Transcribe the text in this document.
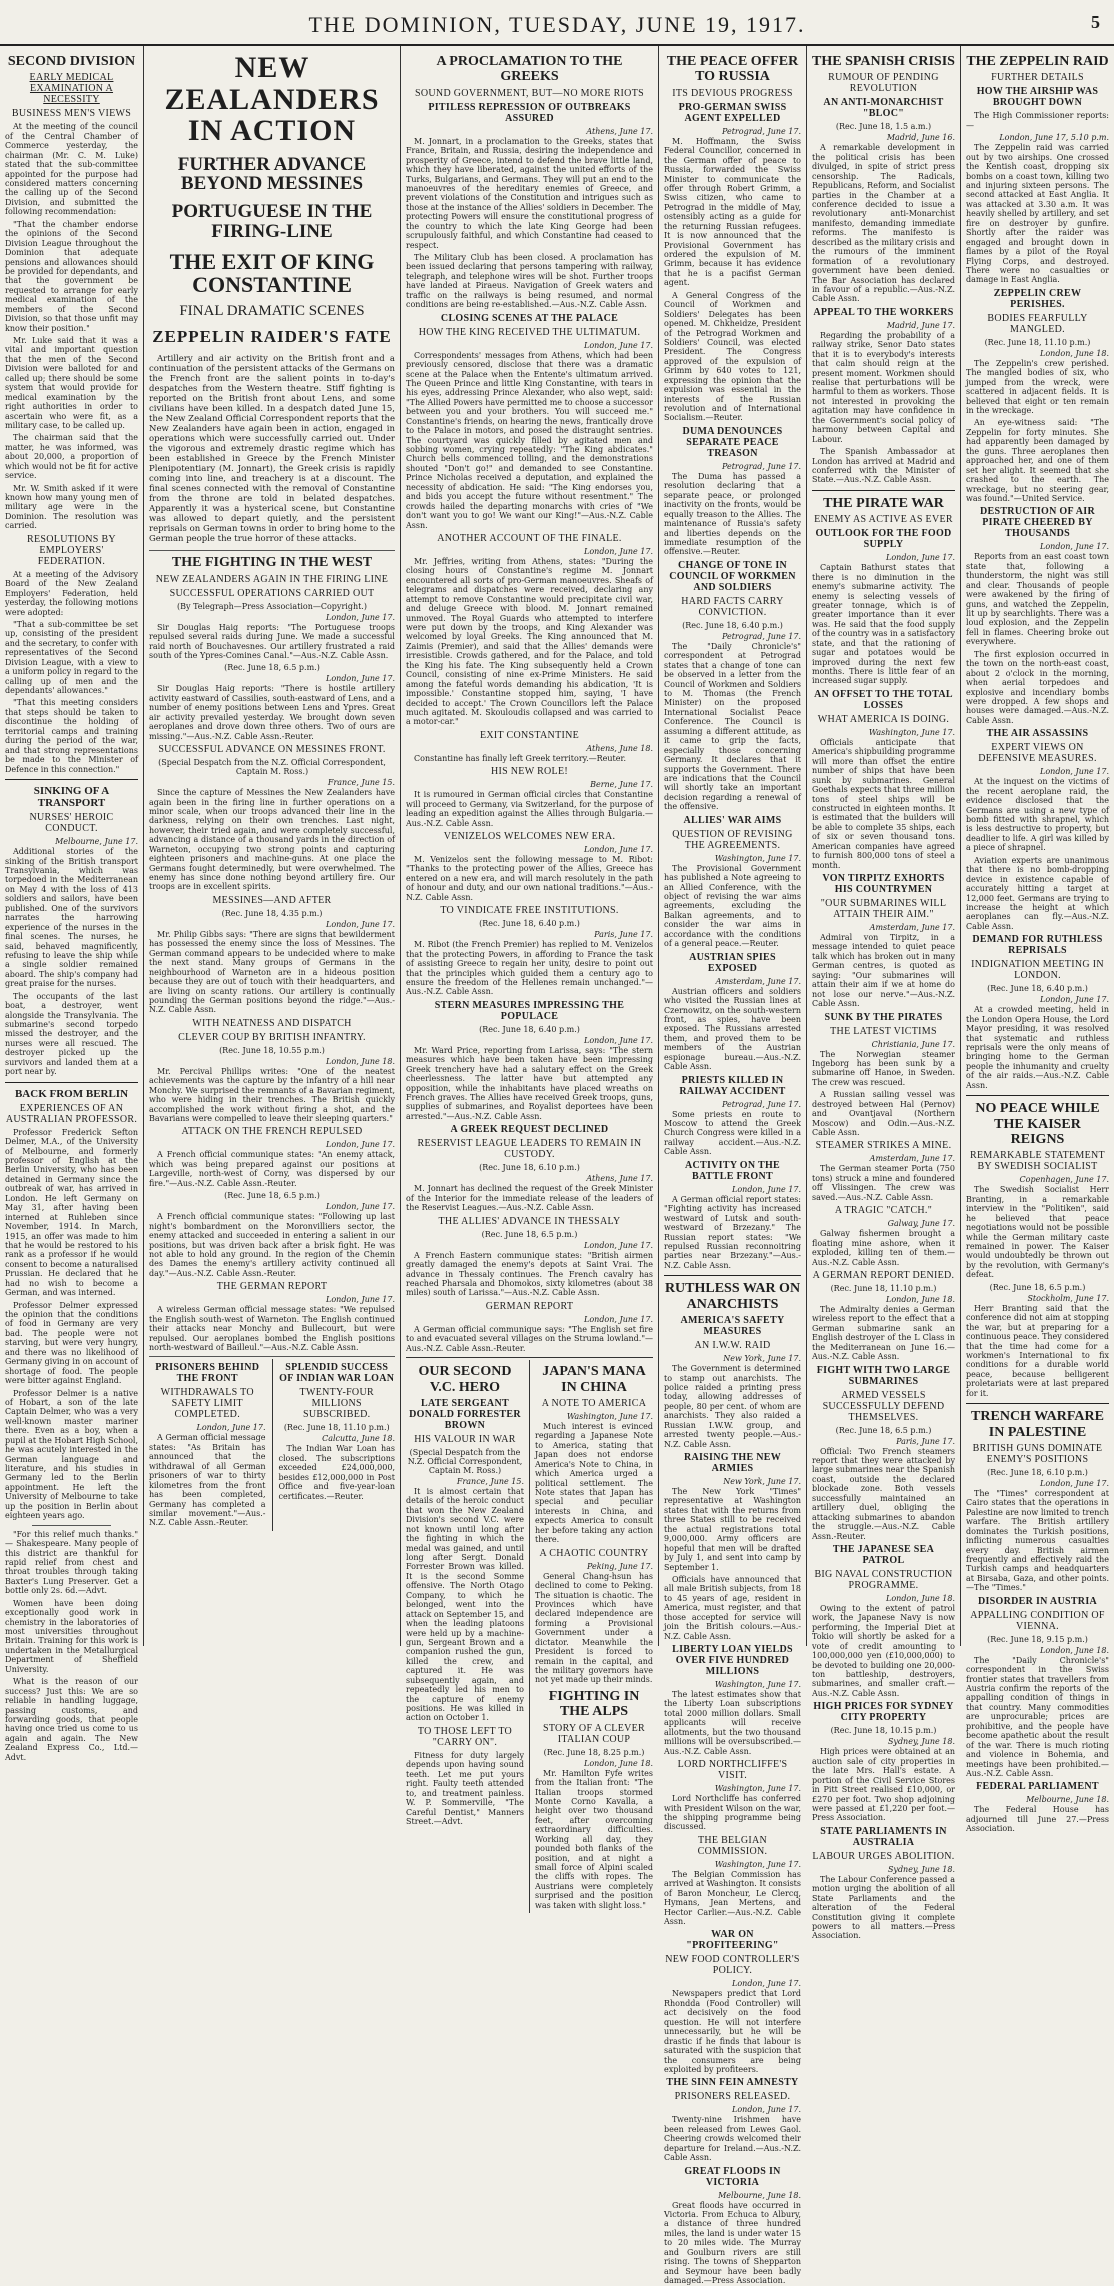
THE DOMINION, TUESDAY, JUNE 19, 1917.	5
SECOND DIVISION
EARLY MEDICAL EXAMINATION A NECESSITY
BUSINESS MEN'S VIEWS

At the meeting of the council of the Central Chamber of Commerce yesterday, the chairman (Mr. C. M. Luke) stated that the sub-committee appointed for the purpose had considered matters concerning the calling up of the Second Division, and submitted the following recommendation:

"That the chamber endorse the opinions of the Second Division League throughout the Dominion that adequate pensions and allowances should be provided for dependants, and that the government be requested to arrange for early medical examination of the members of the Second Division, so that those unfit may know their position."

Mr. Luke said that it was a vital and important question that the men of the Second Division were balloted for and called up; there should be some system that would provide for medical examination by the right authorities in order to ascertain who were fit, as a military case, to be called up.

The chairman said that the matter, he was informed, was about 20,000, a proportion of which would not be fit for active service.

Mr. W. Smith asked if it were known how many young men of military age were in the Dominion. The resolution was carried.

RESOLUTIONS BY EMPLOYERS' FEDERATION.

At a meeting of the Advisory Board of the New Zealand Employers' Federation, held yesterday, the following motions were adopted:

"That a sub-committee be set up, consisting of the president and the secretary, to confer with representatives of the Second Division League, with a view to a uniform policy in regard to the calling up of men and the dependants' allowances."

"That this meeting considers that steps should be taken to discontinue the holding of territorial camps and training during the period of the war, and that strong representations be made to the Minister of Defence in this connection."

SINKING OF A TRANSPORT
NURSES' HEROIC CONDUCT.
Melbourne, June 17.

Additional stories of the sinking of the British transport Transylvania, which was torpedoed in the Mediterranean on May 4 with the loss of 413 soldiers and sailors, have been published. One of the survivors narrates the harrowing experience of the nurses in the final scenes. The nurses, he said, behaved magnificently, refusing to leave the ship while a single soldier remained aboard. The ship's company had great praise for the nurses.

The occupants of the last boat, a destroyer, went alongside the Transylvania. The submarine's second torpedo missed the destroyer, and the nurses were all rescued. The destroyer picked up the survivors and landed them at a port near by.

BACK FROM BERLIN
EXPERIENCES OF AN AUSTRALIAN PROFESSOR.

Professor Frederick Sefton Delmer, M.A., of the University of Melbourne, and formerly professor of English at the Berlin University, who has been detained in Germany since the outbreak of war, has arrived in London. He left Germany on May 31, after having been interned at Ruhleben since November, 1914. In March, 1915, an offer was made to him that he would be restored to his rank as a professor if he would consent to become a naturalised Prussian. He declared that he had no wish to become a German, and was interned.

Professor Delmer expressed the opinion that the conditions of food in Germany are very bad. The people were not starving, but were very hungry, and there was no likelihood of Germany giving in on account of shortage of food. The people were bitter against England.

Professor Delmer is a native of Hobart, a son of the late Captain Delmer, who was a very well-known master mariner there. Even as a boy, when a pupil at the Hobart High School, he was acutely interested in the German language and literature, and his studies in Germany led to the Berlin appointment. He left the University of Melbourne to take up the position in Berlin about eighteen years ago.

"For this relief much thanks." — Shakespeare. Many people of this district are thankful for rapid relief from chest and throat troubles through taking Baxter's Lung Preserver. Get a bottle only 2s. 6d.—Advt.

Women have been doing exceptionally good work in chemistry in the laboratories of most universities throughout Britain. Training for this work is undertaken in the Metallurgical Department of Sheffield University.

What is the reason of our success? Just this: We are so reliable in handling luggage, passing customs, and forwarding goods, that people having once tried us come to us again and again. The New Zealand Express Co., Ltd.—Advt.

NEW ZEALANDERS IN ACTION
FURTHER ADVANCE BEYOND MESSINES
PORTUGUESE IN THE FIRING-LINE
THE EXIT OF KING CONSTANTINE
FINAL DRAMATIC SCENES
ZEPPELIN RAIDER'S FATE

Artillery and air activity on the British front and a continuation of the persistent attacks of the Germans on the French front are the salient points in to-day's despatches from the Western theatre. Stiff fighting is reported on the British front about Lens, and some civilians have been killed. In a despatch dated June 15, the New Zealand Official Correspondent reports that the New Zealanders have again been in action, engaged in operations which were successfully carried out. Under the vigorous and extremely drastic regime which has been established in Greece by the French Minister Plenipotentiary (M. Jonnart), the Greek crisis is rapidly coming into line, and treachery is at a discount. The final scenes connected with the removal of Constantine from the throne are told in belated despatches. Apparently it was a hysterical scene, but Constantine was allowed to depart quietly, and the persistent reprisals on German towns in order to bring home to the German people the true horror of these attacks.

THE FIGHTING IN THE WEST
NEW ZEALANDERS AGAIN IN THE FIRING LINE
SUCCESSFUL OPERATIONS CARRIED OUT
(By Telegraph—Press Association—Copyright.)
London, June 17.

Sir Douglas Haig reports: "The Portuguese troops repulsed several raids during June. We made a successful raid north of Bouchavesnes. Our artillery frustrated a raid south of the Ypres-Comines Canal."—Aus.-N.Z. Cable Assn.

(Rec. June 18, 6.5 p.m.)
London, June 17.

Sir Douglas Haig reports: "There is hostile artillery activity eastward of Cassilies, south-eastward of Lens, and a number of enemy positions between Lens and Ypres. Great air activity prevailed yesterday. We brought down seven aeroplanes and drove down three others. Two of ours are missing."—Aus.-N.Z. Cable Assn.-Reuter.

SUCCESSFUL ADVANCE ON MESSINES FRONT.
(Special Despatch from the N.Z. Official Correspondent, Captain M. Ross.)
France, June 15.

Since the capture of Messines the New Zealanders have again been in the firing line in further operations on a minor scale, when our troops advanced their line in the darkness, relying on their own trenches. Last night, however, their tried again, and were completely successful, advancing a distance of a thousand yards in the direction of Warneton, occupying two strong points and capturing eighteen prisoners and machine-guns. At one place the Germans fought determinedly, but were overwhelmed. The enemy has since done nothing beyond artillery fire. Our troops are in excellent spirits.

MESSINES—AND AFTER
(Rec. June 18, 4.35 p.m.)
London, June 17.

Mr. Philip Gibbs says: "There are signs that bewilderment has possessed the enemy since the loss of Messines. The German command appears to be undecided where to make the next stand. Many groups of Germans in the neighbourhood of Warneton are in a hideous position because they are out of touch with their headquarters, and are living on scanty rations. Our artillery is continually pounding the German positions beyond the ridge."—Aus.-N.Z. Cable Assn.

WITH NEATNESS AND DISPATCH
CLEVER COUP BY BRITISH INFANTRY.
(Rec. June 18, 10.55 p.m.)
London, June 18.

Mr. Percival Phillips writes: "One of the neatest achievements was the capture by the infantry of a hill near Monchy. We surprised the remnants of a Bavarian regiment, who were hiding in their trenches. The British quickly accomplished the work without firing a shot, and the Bavarians were compelled to leave their sleeping quarters."

ATTACK ON THE FRENCH REPULSED
London, June 17.

A French official communique states: "An enemy attack, which was being prepared against our positions at Largeville, north-west of Corny, was dispersed by our fire."—Aus.-N.Z. Cable Assn.-Reuter.

(Rec. June 18, 6.5 p.m.)
London, June 17.

A French official communique states: "Following up last night's bombardment on the Moronvilliers sector, the enemy attacked and succeeded in entering a salient in our positions, but was driven back after a brisk fight. He was not able to hold any ground. In the region of the Chemin des Dames the enemy's artillery activity continued all day."—Aus.-N.Z. Cable Assn.-Reuter.

THE GERMAN REPORT
London, June 17.

A wireless German official message states: "We repulsed the English south-west of Warneton. The English continued their attacks near Monchy and Bullecourt, but were repulsed. Our aeroplanes bombed the English positions north-westward of Bailleul."—Aus.-N.Z. Cable Assn.

PRISONERS BEHIND THE FRONT
WITHDRAWALS TO SAFETY LIMIT COMPLETED.
London, June 17.

A German official message states: "As Britain has announced that the withdrawal of all German prisoners of war to thirty kilometres from the front has been completed, Germany has completed a similar movement."—Aus.-N.Z. Cable Assn.-Reuter.

SPLENDID SUCCESS OF INDIAN WAR LOAN
TWENTY-FOUR MILLIONS SUBSCRIBED.
(Rec. June 18, 11.10 p.m.)
Calcutta, June 18.

The Indian War Loan has closed. The subscriptions exceeded £24,000,000, besides £12,000,000 in Post Office and five-year-loan certificates.—Reuter.

A PROCLAMATION TO THE GREEKS
SOUND GOVERNMENT, BUT—NO MORE RIOTS
PITILESS REPRESSION OF OUTBREAKS ASSURED
Athens, June 17.

M. Jonnart, in a proclamation to the Greeks, states that France, Britain, and Russia, desiring the independence and prosperity of Greece, intend to defend the brave little land, which they have liberated, against the united efforts of the Turks, Bulgarians, and Germans. They will put an end to the manoeuvres of the hereditary enemies of Greece, and prevent violations of the Constitution and intrigues such as those at the instance of the Allies' soldiers in December. The protecting Powers will ensure the constitutional progress of the country to which the late King George had been scrupulously faithful, and which Constantine had ceased to respect.

The Military Club has been closed. A proclamation has been issued declaring that persons tampering with railway, telegraph, and telephone wires will be shot. Further troops have landed at Piraeus. Navigation of Greek waters and traffic on the railways is being resumed, and normal conditions are being re-established.—Aus.-N.Z. Cable Assn.

CLOSING SCENES AT THE PALACE
HOW THE KING RECEIVED THE ULTIMATUM.
London, June 17.

Correspondents' messages from Athens, which had been previously censored, disclose that there was a dramatic scene at the Palace when the Entente's ultimatum arrived. The Queen Prince and little King Constantine, with tears in his eyes, addressing Prince Alexander, who also wept, said: "The Allied Powers have permitted me to choose a successor between you and your brothers. You will succeed me." Constantine's friends, on hearing the news, frantically drove to the Palace in motors, and posed the distraught sentries. The courtyard was quickly filled by agitated men and sobbing women, crying repeatedly: "The King abdicates." Church bells commenced tolling, and the demonstrations shouted "Don't go!" and demanded to see Constantine. Prince Nicholas received a deputation, and explained the necessity of abdication. He said: "The King endorses you, and bids you accept the future without resentment." The crowds hailed the departing monarchs with cries of "We don't want you to go! We want our King!"—Aus.-N.Z. Cable Assn.

ANOTHER ACCOUNT OF THE FINALE.
London, June 17.

Mr. Jeffries, writing from Athens, states: "During the closing hours of Constantine's regime M. Jonnart encountered all sorts of pro-German manoeuvres. Sheafs of telegrams and dispatches were received, declaring any attempt to remove Constantine would precipitate civil war, and deluge Greece with blood. M. Jonnart remained unmoved. The Royal Guards who attempted to interfere were put down by the troops, and King Alexander was welcomed by loyal Greeks. The King announced that M. Zaimis (Premier), and said that the Allies' demands were irresistible. Crowds gathered, and for the Palace, and told the King his fate. The King subsequently held a Crown Council, consisting of nine ex-Prime Ministers. He said among the fateful words demanding his abdication, 'It is impossible.' Constantine stopped him, saying, 'I have decided to accept.' The Crown Councillors left the Palace much agitated. M. Skouloudis collapsed and was carried to a motor-car."

EXIT CONSTANTINE
Athens, June 18.

Constantine has finally left Greek territory.—Reuter.

HIS NEW ROLE!
Berne, June 17.

It is rumoured in German official circles that Constantine will proceed to Germany, via Switzerland, for the purpose of leading an expedition against the Allies through Bulgaria.—Aus.-N.Z. Cable Assn.

VENIZELOS WELCOMES NEW ERA.
London, June 17.

M. Venizelos sent the following message to M. Ribot: "Thanks to the protecting power of the Allies, Greece has entered on a new era, and will march resolutely in the path of honour and duty, and our own national traditions."—Aus.-N.Z. Cable Assn.

TO VINDICATE FREE INSTITUTIONS.
(Rec. June 18, 6.40 p.m.)
Paris, June 17.

M. Ribot (the French Premier) has replied to M. Venizelos that the protecting Powers, in affording to France the task of assisting Greece to regain her unity, desire to point out that the principles which guided them a century ago to ensure the freedom of the Hellenes remain unchanged."—Aus.-N.Z. Cable Assn.

STERN MEASURES IMPRESSING THE POPULACE
(Rec. June 18, 6.40 p.m.)
London, June 17.

Mr. Ward Price, reporting from Larissa, says: "The stern measures which have been taken have been impressing Greek trenchery have had a salutary effect on the Greek cheerlessness. The latter have but attempted any opposition, while the inhabitants have placed wreaths on French graves. The Allies have received Greek troops, guns, supplies of submarines, and Royalist deportees have been arrested."—Aus.-N.Z. Cable Assn.

A GREEK REQUEST DECLINED
RESERVIST LEAGUE LEADERS TO REMAIN IN CUSTODY.
(Rec. June 18, 6.10 p.m.)
Athens, June 17.

M. Jonnart has declined the request of the Greek Minister of the Interior for the immediate release of the leaders of the Reservist Leagues.—Aus.-N.Z. Cable Assn.

THE ALLIES' ADVANCE IN THESSALY
(Rec. June 18, 6.5 p.m.)
London, June 17.

A French Eastern communique states: "British airmen greatly damaged the enemy's depots at Saint Vrai. The advance in Thessaly continues. The French cavalry has reached Pharsala and Dhomokos, sixty kilometres (about 38 miles) south of Larissa."—Aus.-N.Z. Cable Assn.

GERMAN REPORT
London, June 17.

A German official communique says: "The English set fire to and evacuated several villages on the Struma lowland."—Aus.-N.Z. Cable Assn.-Reuter.

OUR SECOND V.C. HERO
LATE SERGEANT DONALD FORRESTER BROWN
HIS VALOUR IN WAR
(Special Despatch from the N.Z. Official Correspondent, Captain M. Ross.)
France, June 15.

It is almost certain that details of the heroic conduct that won the New Zealand Division's second V.C. were not known until long after the fighting in which the medal was gained, and until long after Sergt. Donald Forrester Brown was killed. It is the second Somme offensive. The North Otago Company, to which he belonged, went into the attack on September 15, and when the leading platoons were held up by a machine-gun, Sergeant Brown and a companion rushed the gun, killed the crew, and captured it. He was subsequently again, and repeatedly led his men to the capture of enemy positions. He was killed in action on October 1.

TO THOSE LEFT TO "CARRY ON".

Fitness for duty largely depends upon having sound teeth. Let me put yours right. Faulty teeth attended to, and treatment painless. W. P. Sommerville, "The Careful Dentist," Manners Street.—Advt.

JAPAN'S MANA IN CHINA
A NOTE TO AMERICA
Washington, June 17.

Much interest is evinced regarding a Japanese Note to America, stating that Japan does not endorse America's Note to China, in which America urged a political settlement. The Note states that Japan has special and peculiar interests in China, and expects America to consult her before taking any action there.

A CHAOTIC COUNTRY
Peking, June 17.

General Chang-hsun has declined to come to Peking. The situation is chaotic. The Provinces which have declared independence are forming a Provisional Government under a dictator. Meanwhile the President is forced to remain in the capital, and the military governors have not yet made up their minds.

FIGHTING IN THE ALPS
STORY OF A CLEVER ITALIAN COUP
(Rec. June 18, 8.25 p.m.)
London, June 18.

Mr. Hamilton Fyfe writes from the Italian front: "The Italian troops stormed Monte Corno Kavalla, a height over two thousand feet, after overcoming extraordinary difficulties. Working all day, they pounded both flanks of the position, and at night a small force of Alpini scaled the cliffs with ropes. The Austrians were completely surprised and the position was taken with slight loss."

THE PEACE OFFER TO RUSSIA
ITS DEVIOUS PROGRESS
PRO-GERMAN SWISS AGENT EXPELLED
Petrograd, June 17.

M. Hoffmann, the Swiss Federal Councillor, concerned in the German offer of peace to Russia, forwarded the Swiss Minister to communicate the offer through Robert Grimm, a Swiss citizen, who came to Petrograd in the middle of May, ostensibly acting as a guide for the returning Russian refugees. It is now announced that the Provisional Government has ordered the expulsion of M. Grimm, because it has evidence that he is a pacifist German agent.

A General Congress of the Council of Workmen and Soldiers' Delegates has been opened. M. Chkheidze, President of the Petrograd Workmen and Soldiers' Council, was elected President. The Congress approved of the expulsion of Grimm by 640 votes to 121, expressing the opinion that the expulsion was essential in the interests of the Russian revolution and of International Socialism.—Reuter.

DUMA DENOUNCES SEPARATE PEACE TREASON
Petrograd, June 17.

The Duma has passed a resolution declaring that a separate peace, or prolonged inactivity on the fronts, would be equally treason to the Allies. The maintenance of Russia's safety and liberties depends on the immediate resumption of the offensive.—Reuter.

CHANGE OF TONE IN COUNCIL OF WORKMEN AND SOLDIERS
HARD FACTS CARRY CONVICTION.
(Rec. June 18, 6.40 p.m.)
Petrograd, June 17.

The "Daily Chronicle's" correspondent at Petrograd states that a change of tone can be observed in a letter from the Council of Workmen and Soldiers to M. Thomas (the French Minister) on the proposed International Socialist Peace Conference. The Council is assuming a different attitude, as it came to grip the facts, especially those concerning Germany. It declares that it supports the Government. There are indications that the Council will shortly take an important decision regarding a renewal of the offensive.

ALLIES' WAR AIMS
QUESTION OF REVISING THE AGREEMENTS.
Washington, June 17.

The Provisional Government has published a Note agreeing to an Allied Conference, with the object of revising the war aims agreements, excluding the Balkan agreements, and to consider the war aims in accordance with the conditions of a general peace.—Reuter.

AUSTRIAN SPIES EXPOSED
Amsterdam, June 17.

Austrian officers and soldiers who visited the Russian lines at Czernowitz, on the south-western front, as spies, have been exposed. The Russians arrested them, and proved them to be members of the Austrian espionage bureau.—Aus.-N.Z. Cable Assn.

PRIESTS KILLED IN RAILWAY ACCIDENT
Petrograd, June 17.

Some priests en route to Moscow to attend the Greek Church Congress were killed in a railway accident.—Aus.-N.Z. Cable Assn.

ACTIVITY ON THE BATTLE FRONT
London, June 17.

A German official report states: "Fighting activity has increased westward of Lutsk and south-westward of Brzezany." The Russian report states: "We repulsed Russian reconnoitring parties near Brzezany."—Aus.-N.Z. Cable Assn.

RUTHLESS WAR ON ANARCHISTS
AMERICA'S SAFETY MEASURES
AN I.W.W. RAID
New York, June 17.

The Government is determined to stamp out anarchists. The police raided a printing press today, allowing addresses of people, 80 per cent. of whom are anarchists. They also raided a Russian I.W.W. group, and arrested twenty people.—Aus.-N.Z. Cable Assn.

RAISING THE NEW ARMIES
New York, June 17.

The New York "Times" representative at Washington states that with the returns from three States still to be received the actual registrations total 9,000,000. Army officers are hopeful that men will be drafted by July 1, and sent into camp by September 1.

Officials have announced that all male British subjects, from 18 to 45 years of age, resident in America, must register, and that those accepted for service will join the British colours.—Aus.-N.Z. Cable Assn.

LIBERTY LOAN YIELDS OVER FIVE HUNDRED MILLIONS
Washington, June 17.

The latest estimates show that the Liberty Loan subscriptions total 2000 million dollars. Small applicants will receive allotments, but the two thousand millions will be oversubscribed.—Aus.-N.Z. Cable Assn.

LORD NORTHCLIFFE'S VISIT.
Washington, June 17.

Lord Northcliffe has conferred with President Wilson on the war, the shipping programme being discussed.

THE BELGIAN COMMISSION.
Washington, June 17.

The Belgian Commission has arrived at Washington. It consists of Baron Moncheur, Le Clercq, Hymans, Jean Mertens, and Hector Carlier.—Aus.-N.Z. Cable Assn.

WAR ON "PROFITEERING"
NEW FOOD CONTROLLER'S POLICY.
London, June 17.

Newspapers predict that Lord Rhondda (Food Controller) will act decisively on the food question. He will not interfere unnecessarily, but he will be drastic if he finds that labour is saturated with the suspicion that the consumers are being exploited by profiteers.

THE SINN FEIN AMNESTY
PRISONERS RELEASED.
London, June 17.

Twenty-nine Irishmen have been released from Lewes Gaol. Cheering crowds welcomed their departure for Ireland.—Aus.-N.Z. Cable Assn.

GREAT FLOODS IN VICTORIA
Melbourne, June 18.

Great floods have occurred in Victoria. From Echuca to Albury, a distance of three hundred miles, the land is under water 15 to 20 miles wide. The Murray and Goulburn rivers are still rising. The towns of Shepparton and Seymour have been badly damaged.—Press Association.

THE SPANISH CRISIS
RUMOUR OF PENDING REVOLUTION
AN ANTI-MONARCHIST "BLOC"
(Rec. June 18, 1.5 a.m.)
Madrid, June 16.

A remarkable development in the political crisis has been divulged, in spite of strict press censorship. The Radicals, Republicans, Reform, and Socialist parties in the Chamber at a conference decided to issue a revolutionary anti-Monarchist manifesto, demanding immediate reforms. The manifesto is described as the military crisis and the rumours of the imminent formation of a revolutionary government have been denied. The Bar Association has declared in favour of a republic.—Aus.-N.Z. Cable Assn.

APPEAL TO THE WORKERS
Madrid, June 17.

Regarding the probability of a railway strike, Senor Dato states that it is to everybody's interests that calm should reign at the present moment. Workmen should realise that perturbations will be harmful to them as workers. Those not interested in provoking the agitation may have confidence in the Government's social policy of harmony between Capital and Labour.

The Spanish Ambassador at London has arrived at Madrid and conferred with the Minister of State.—Aus.-N.Z. Cable Assn.

THE PIRATE WAR
ENEMY AS ACTIVE AS EVER
OUTLOOK FOR THE FOOD SUPPLY
London, June 17.

Captain Bathurst states that there is no diminution in the enemy's submarine activity. The enemy is selecting vessels of greater tonnage, which is of greater importance than it ever was. He said that the food supply of the country was in a satisfactory state, and that the rationing of sugar and potatoes would be improved during the next few months. There is little fear of an increased sugar supply.

AN OFFSET TO THE TOTAL LOSSES
WHAT AMERICA IS DOING.
Washington, June 17.

Officials anticipate that America's shipbuilding programme will more than offset the entire number of ships that have been sunk by submarines. General Goethals expects that three million tons of steel ships will be constructed in eighteen months. It is estimated that the builders will be able to complete 35 ships, each of six or seven thousand tons. American companies have agreed to furnish 800,000 tons of steel a month.

VON TIRPITZ EXHORTS HIS COUNTRYMEN
"OUR SUBMARINES WILL ATTAIN THEIR AIM."
Amsterdam, June 17.

Admiral von Tirpitz, in a message intended to quiet peace talk which has broken out in many German centres, is quoted as saying: "Our submarines will attain their aim if we at home do not lose our nerve."—Aus.-N.Z. Cable Assn.

SUNK BY THE PIRATES
THE LATEST VICTIMS
Christiania, June 17.

The Norwegian steamer Ingeborg has been sunk by a submarine off Hanoe, in Sweden. The crew was rescued.

A Russian sailing vessel was destroyed between Hal (Pernov) and Ovantjaval (Northern Moscow) and Odin.—Aus.-N.Z. Cable Assn.

STEAMER STRIKES A MINE.
Amsterdam, June 17.

The German steamer Porta (750 tons) struck a mine and foundered off Vlissingen. The crew was saved.—Aus.-N.Z. Cable Assn.

A TRAGIC "CATCH."
Galway, June 17.

Galway fishermen brought a floating mine ashore, when it exploded, killing ten of them.—Aus.-N.Z. Cable Assn.

A GERMAN REPORT DENIED.
(Rec. June 18, 11.10 p.m.)
London, June 18.

The Admiralty denies a German wireless report to the effect that a German submarine sank an English destroyer of the L Class in the Mediterranean on June 16.—Aus.-N.Z. Cable Assn.

FIGHT WITH TWO LARGE SUBMARINES
ARMED VESSELS SUCCESSFULLY DEFEND THEMSELVES.
(Rec. June 18, 6.5 p.m.)
Paris, June 17.

Official: Two French steamers report that they were attacked by large submarines near the Spanish coast, outside the declared blockade zone. Both vessels successfully maintained an artillery duel, obliging the attacking submarines to abandon the struggle.—Aus.-N.Z. Cable Assn.-Reuter.

THE JAPANESE SEA PATROL
BIG NAVAL CONSTRUCTION PROGRAMME.
London, June 18.

Owing to the extent of patrol work, the Japanese Navy is now performing, the Imperial Diet at Tokio will shortly be asked for a vote of credit amounting to 100,000,000 yen (£10,000,000) to be devoted to building one 20,000-ton battleship, destroyers, submarines, and smaller craft.—Aus.-N.Z. Cable Assn.

HIGH PRICES FOR SYDNEY CITY PROPERTY
(Rec. June 18, 10.15 p.m.)
Sydney, June 18.

High prices were obtained at an auction sale of city properties in the late Mrs. Hall's estate. A portion of the Civil Service Stores in Pitt Street realised £10,000, or £270 per foot. Two shop adjoining were passed at £1,220 per foot.—Press Association.

STATE PARLIAMENTS IN AUSTRALIA
LABOUR URGES ABOLITION.
Sydney, June 18.

The Labour Conference passed a motion urging the abolition of all State Parliaments and the alteration of the Federal Constitution giving it complete powers to all matters.—Press Association.

THE ZEPPELIN RAID
FURTHER DETAILS
HOW THE AIRSHIP WAS BROUGHT DOWN

The High Commissioner reports:—

London, June 17, 5.10 p.m.

The Zeppelin raid was carried out by two airships. One crossed the Kentish coast, dropping six bombs on a coast town, killing two and injuring sixteen persons. The second attacked at East Anglia. It was attacked at 3.30 a.m. It was heavily shelled by artillery, and set fire on destroyer by gunfire. Shortly after the raider was engaged and brought down in flames by a pilot of the Royal Flying Corps, and destroyed. There were no casualties or damage in East Anglia.

ZEPPELIN CREW PERISHES.
BODIES FEARFULLY MANGLED.
(Rec. June 18, 11.10 p.m.)
London, June 18.

The Zeppelin's crew perished. The mangled bodies of six, who jumped from the wreck, were scattered in adjacent fields. It is believed that eight or ten remain in the wreckage.

An eye-witness said: "The Zeppelin for forty minutes. She had apparently been damaged by the guns. Three aeroplanes then approached her, and one of them set her alight. It seemed that she crashed to the earth. The wreckage, but no steering gear, was found."—United Service.

DESTRUCTION OF AIR PIRATE CHEERED BY THOUSANDS
London, June 17.

Reports from an east coast town state that, following a thunderstorm, the night was still and clear. Thousands of people were awakened by the firing of guns, and watched the Zeppelin, lit up by searchlights. There was a loud explosion, and the Zeppelin fell in flames. Cheering broke out everywhere.

The first explosion occurred in the town on the north-east coast, about 2 o'clock in the morning, when aerial torpedoes and explosive and incendiary bombs were dropped. A few shops and houses were damaged.—Aus.-N.Z. Cable Assn.

THE AIR ASSASSINS
EXPERT VIEWS ON DEFENSIVE MEASURES.
London, June 17.

At the inquest on the victims of the recent aeroplane raid, the evidence disclosed that the Germans are using a new type of bomb fitted with shrapnel, which is less destructive to property, but deadlier to life. A girl was killed by a piece of shrapnel.

Aviation experts are unanimous that there is no bomb-dropping device in existence capable of accurately hitting a target at 12,000 feet. Germans are trying to increase the height at which aeroplanes can fly.—Aus.-N.Z. Cable Assn.

DEMAND FOR RUTHLESS REPRISALS
INDIGNATION MEETING IN LONDON.
(Rec. June 18, 6.40 p.m.)
London, June 17.

At a crowded meeting, held in the London Opera House, the Lord Mayor presiding, it was resolved that systematic and ruthless reprisals were the only means of bringing home to the German people the inhumanity and cruelty of the air raids.—Aus.-N.Z. Cable Assn.

NO PEACE WHILE THE KAISER REIGNS
REMARKABLE STATEMENT BY SWEDISH SOCIALIST
Copenhagen, June 17.

The Swedish Socialist Herr Branting, in a remarkable interview in the "Politiken", said he believed that peace negotiations would not be possible while the German military caste remained in power. The Kaiser would undoubtedly be thrown out by the revolution, with Germany's defeat.

(Rec. June 18, 6.5 p.m.)
Stockholm, June 17.

Herr Branting said that the conference did not aim at stopping the war, but at preparing for a continuous peace. They considered that the time had come for a workmen's International to fix conditions for a durable world peace, because belligerent proletariats were at last prepared for it.

TRENCH WARFARE IN PALESTINE
BRITISH GUNS DOMINATE ENEMY'S POSITIONS
(Rec. June 18, 6.10 p.m.)
London, June 17.

The "Times" correspondent at Cairo states that the operations in Palestine are now limited to trench warfare. The British artillery dominates the Turkish positions, inflicting numerous casualties every day. British airmen frequently and effectively raid the Turkish camps and headquarters at Birsaba, Gaza, and other points.—The "Times."

DISORDER IN AUSTRIA
APPALLING CONDITION OF VIENNA.
(Rec. June 18, 9.15 p.m.)
London, June 18.

The "Daily Chronicle's" correspondent in the Swiss frontier states that travellers from Austria confirm the reports of the appalling condition of things in that country. Many commodities are unprocurable; prices are prohibitive, and the people have become apathetic about the result of the war. There is much rioting and violence in Bohemia, and meetings have been prohibited.—Aus.-N.Z. Cable Assn.

FEDERAL PARLIAMENT
Melbourne, June 18.

The Federal House has adjourned till June 27.—Press Association.
